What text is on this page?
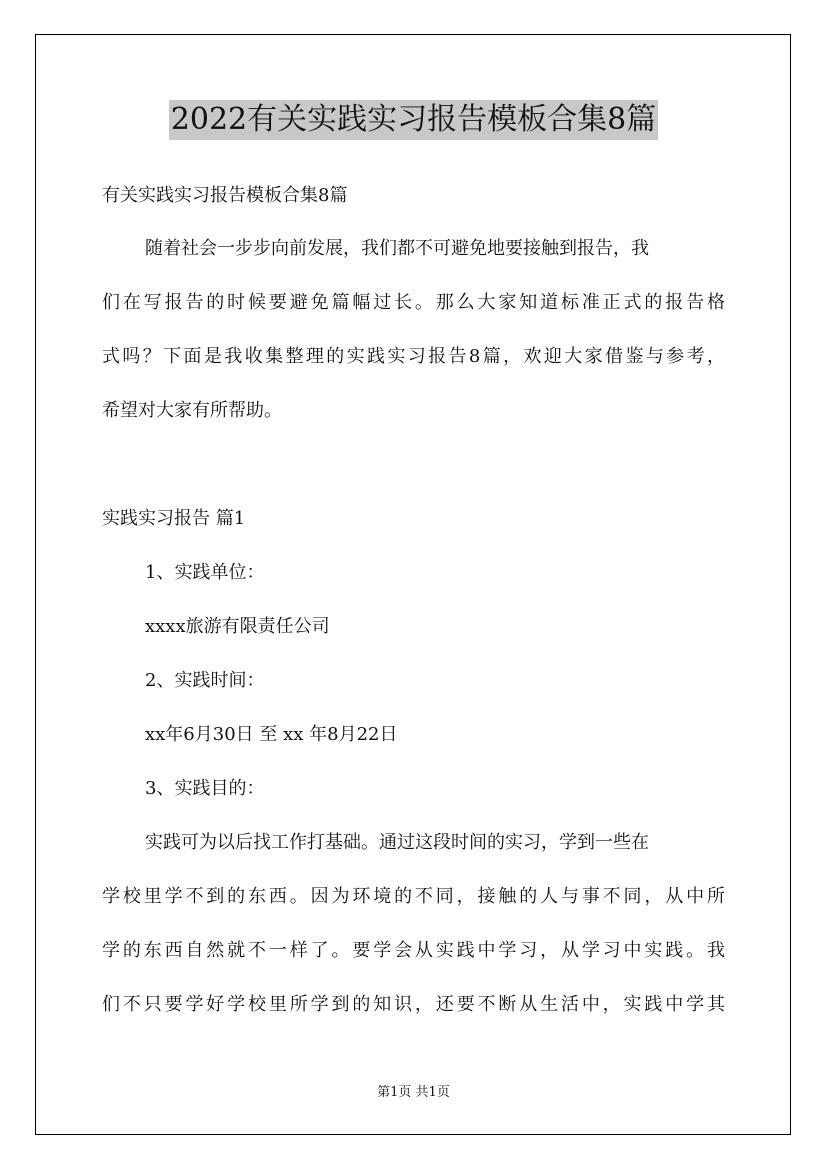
2022有关实践实习报告模板合集8篇
有关实践实习报告模板合集8篇
随着社会一步步向前发展，我们都不可避免地要接触到报告，我
们在写报告的时候要避免篇幅过长。那么大家知道标准正式的报告格
式吗？下面是我收集整理的实践实习报告8篇，欢迎大家借鉴与参考，
希望对大家有所帮助。
实践实习报告 篇1
1、实践单位：
xxxx旅游有限责任公司
2、实践时间：
xx年6月30日 至 xx 年8月22日
3、实践目的：
实践可为以后找工作打基础。通过这段时间的实习，学到一些在
学校里学不到的东西。因为环境的不同，接触的人与事不同，从中所
学的东西自然就不一样了。要学会从实践中学习，从学习中实践。我
们不只要学好学校里所学到的知识，还要不断从生活中，实践中学其
第1页 共1页
